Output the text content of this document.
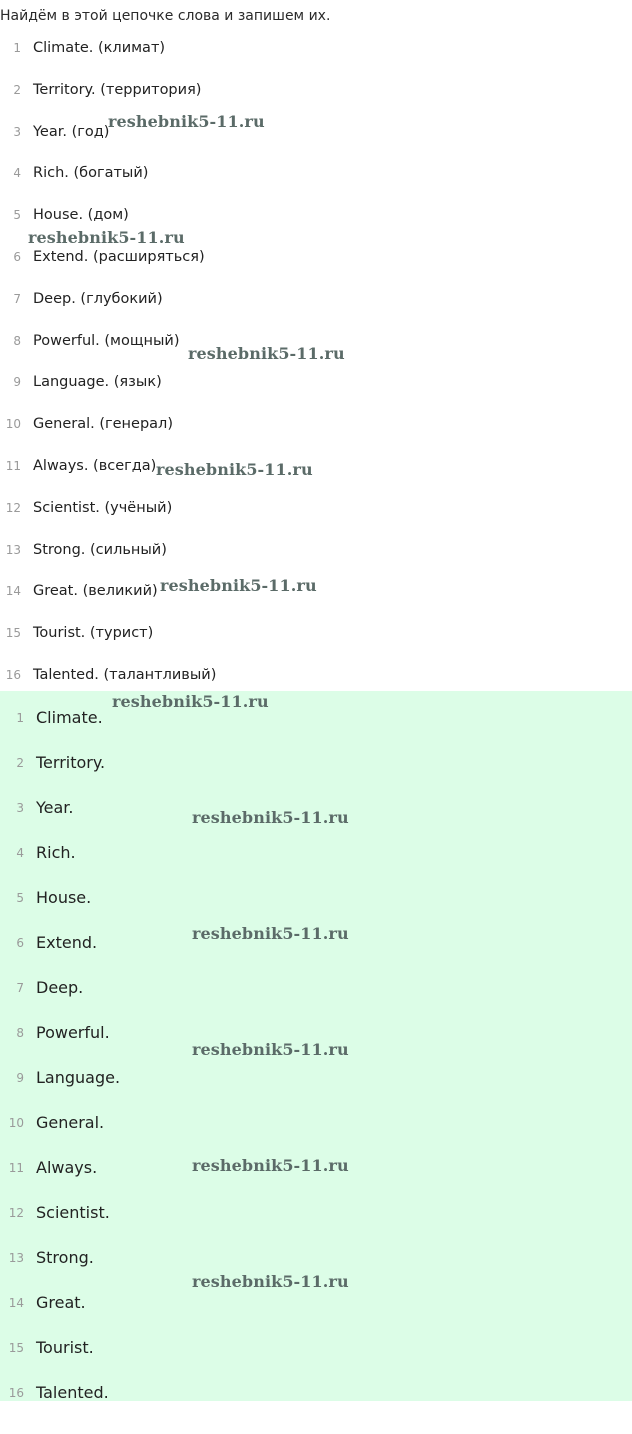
Найдём в этой цепочке слова и запишем их.
1 Climate. (климат)
2 Territory. (территория)
3 Year. (год)
4 Rich. (богатый)
5 House. (дом)
6 Extend. (расширяться)
7 Deep. (глубокий)
8 Powerful. (мощный)
9 Language. (язык)
10 General. (генерал)
11 Always. (всегда)
12 Scientist. (учёный)
13 Strong. (сильный)
14 Great. (великий)
15 Tourist. (турист)
16 Talented. (талантливый)
1 Climate.
2 Territory.
3 Year.
4 Rich.
5 House.
6 Extend.
7 Deep.
8 Powerful.
9 Language.
10 General.
11 Always.
12 Scientist.
13 Strong.
14 Great.
15 Tourist.
16 Talented.
reshebnik5-11.ru
reshebnik5-11.ru
reshebnik5-11.ru
reshebnik5-11.ru
reshebnik5-11.ru
reshebnik5-11.ru
reshebnik5-11.ru
reshebnik5-11.ru
reshebnik5-11.ru
reshebnik5-11.ru
reshebnik5-11.ru
